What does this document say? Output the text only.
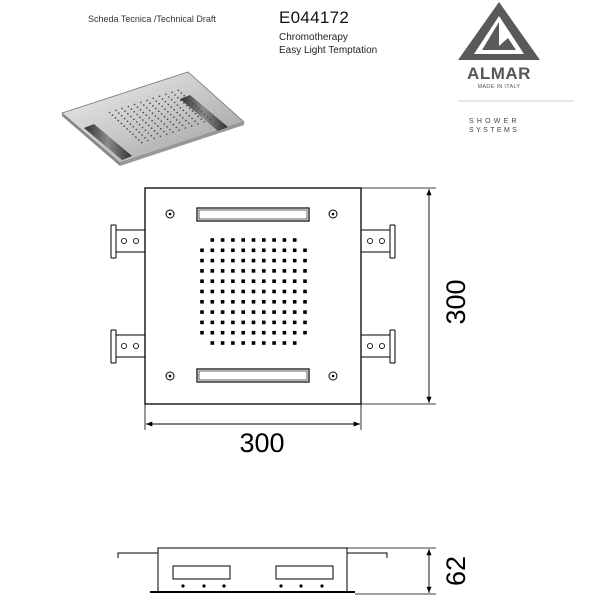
Scheda Tecnica /Technical Draft	E044172
Chromotherapy
Easy Light Temptation
ALMAR
MADE IN ITALY
SHOWER
SYSTEMS
300
300
62
